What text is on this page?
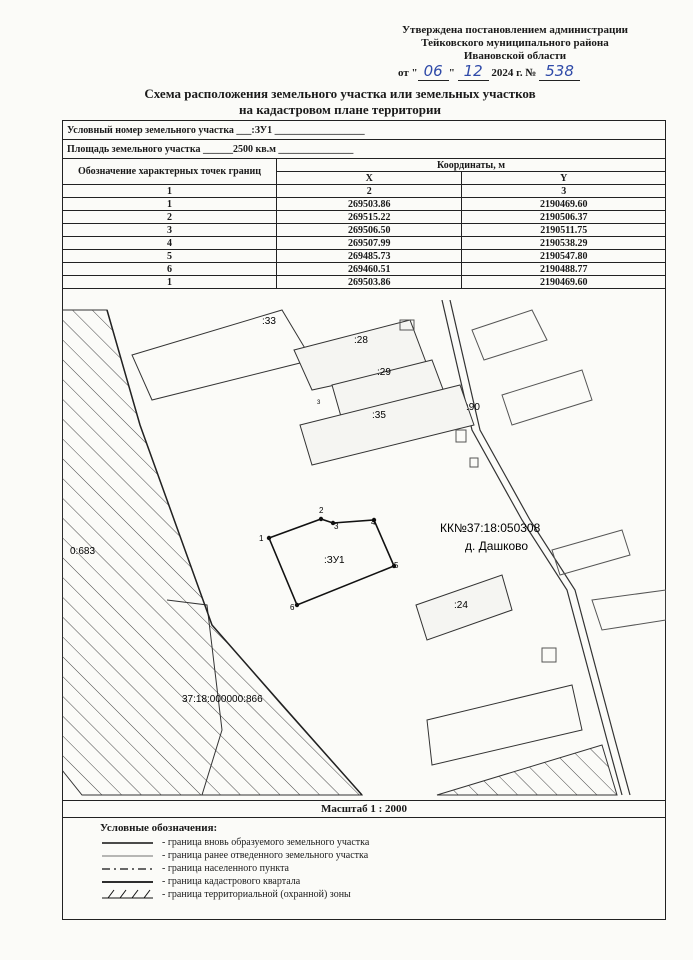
Утверждена постановлением администрации
Тейковского муниципального района
Ивановской области
от " 06 " 12 2024 г. № 538
Схема расположения земельного участка или земельных участков
на кадастровом плане территории
Условный номер земельного участка ___:ЗУ1 __________________		
Площадь земельного участка ______2500 кв.м _______________		
Обозначение характерных точек границ	Координаты, м	
	X	Y
1	2	3
1	269503.86	2190469.60
2	269515.22	2190506.37
3	269506.50	2190511.75
4	269507.99	2190538.29
5	269485.73	2190547.80
6	269460.51	2190488.77
1	269503.86	2190469.60
:33
:28
:29
:35
:90
:24
:ЗУ1
0:683
37:18:000000:866
КК№37:18:050308
д. Дашково
3
1
2
3	4
5
6
Масштаб 1 : 2000
Условные обозначения:
- граница вновь образуемого земельного участка
- граница ранее отведенного земельного участка
- граница населенного пункта
- граница кадастрового квартала
- граница территориальной (охранной) зоны
